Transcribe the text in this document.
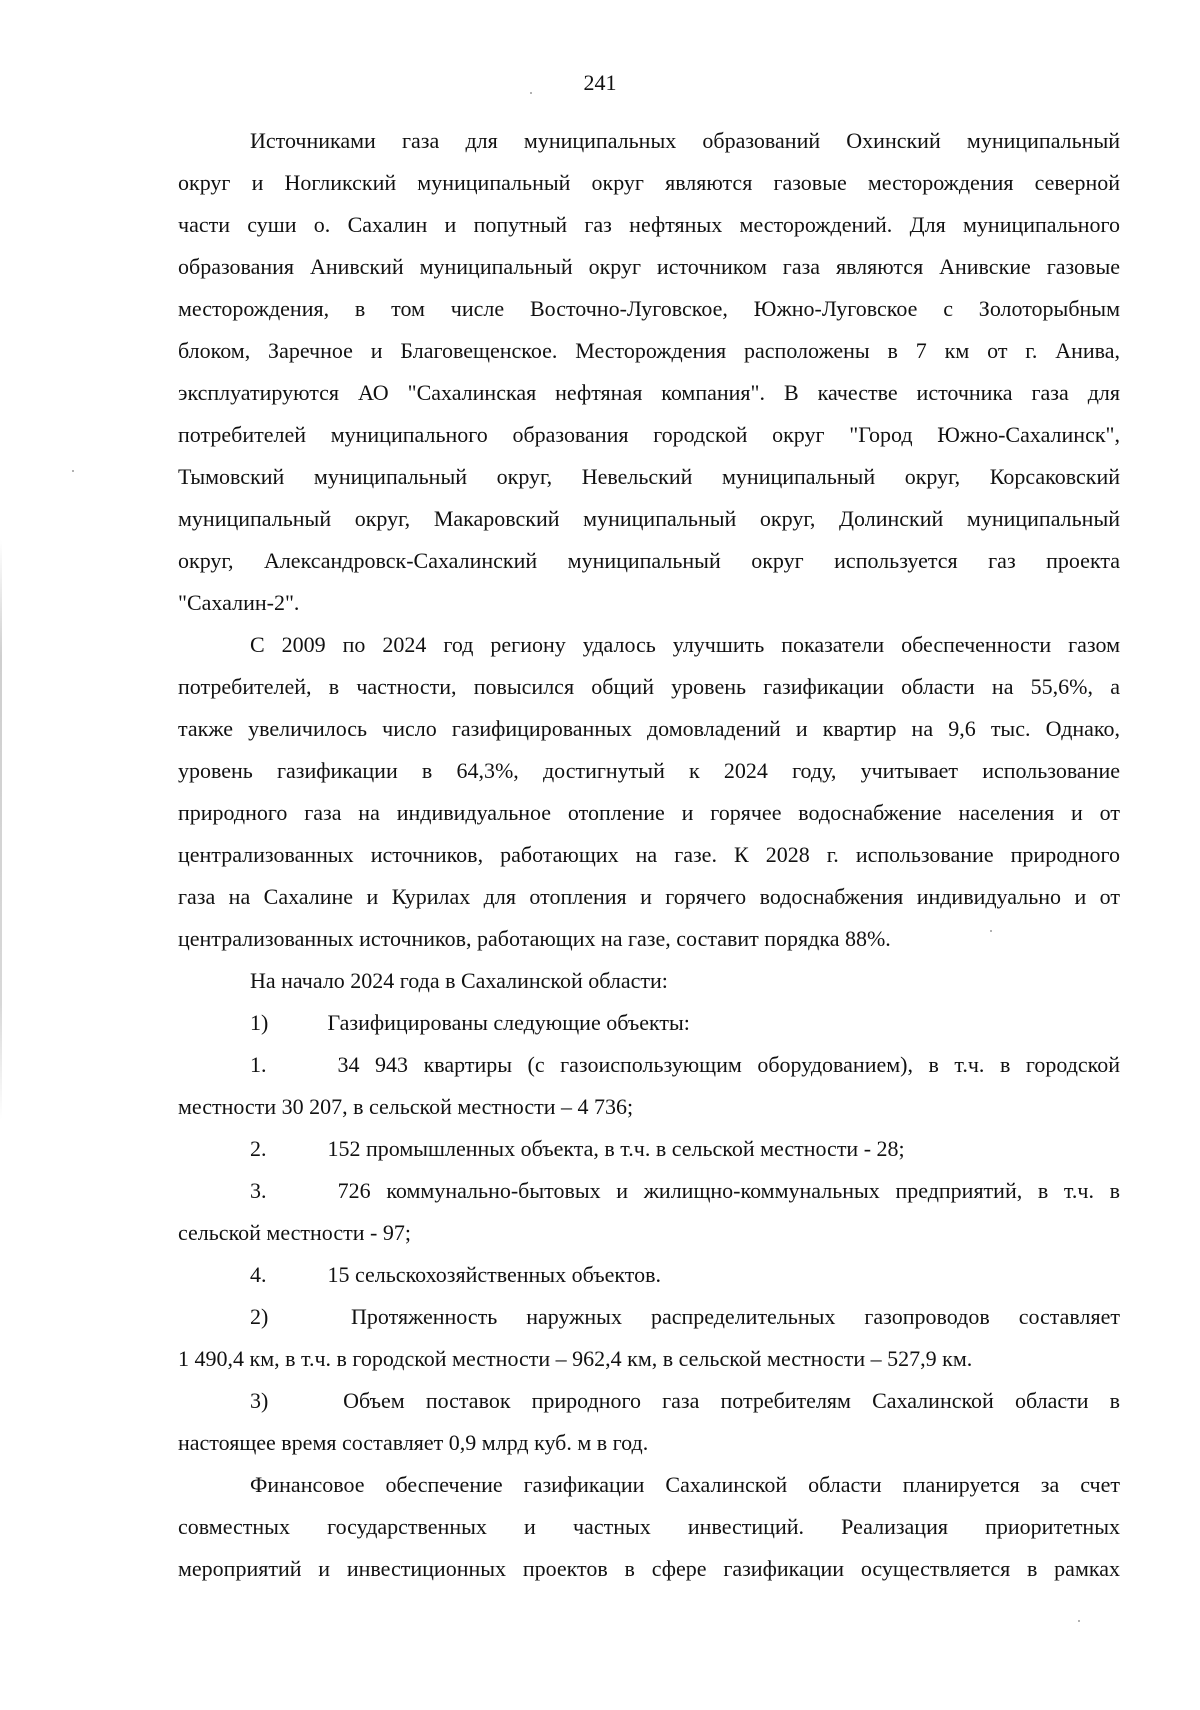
241
Источниками газа для муниципальных образований Охинский муниципальный
округ и Ногликский муниципальный округ являются газовые месторождения северной
части суши о. Сахалин и попутный газ нефтяных месторождений. Для муниципального
образования Анивский муниципальный округ источником газа являются Анивские газовые
месторождения, в том числе Восточно-Луговское, Южно-Луговское с Золоторыбным
блоком, Заречное и Благовещенское. Месторождения расположены в 7 км от г. Анива,
эксплуатируются АО "Сахалинская нефтяная компания". В качестве источника газа для
потребителей муниципального образования городской округ "Город Южно-Сахалинск",
Тымовский муниципальный округ, Невельский муниципальный округ, Корсаковский
муниципальный округ, Макаровский муниципальный округ, Долинский муниципальный
округ, Александровск-Сахалинский муниципальный округ используется газ проекта
"Сахалин-2".
С 2009 по 2024 год региону удалось улучшить показатели обеспеченности газом
потребителей, в частности, повысился общий уровень газификации области на 55,6%, а
также увеличилось число газифицированных домовладений и квартир на 9,6 тыс. Однако,
уровень газификации в 64,3%, достигнутый к 2024 году, учитывает использование
природного газа на индивидуальное отопление и горячее водоснабжение населения и от
централизованных источников, работающих на газе. К 2028 г. использование природного
газа на Сахалине и Курилах для отопления и горячего водоснабжения индивидуально и от
централизованных источников, работающих на газе, составит порядка 88%.
На начало 2024 года в Сахалинской области:
1)	Газифицированы следующие объекты:
1.	34 943 квартиры (с газоиспользующим оборудованием), в т.ч. в городской
местности 30 207, в сельской местности – 4 736;
2.	152 промышленных объекта, в т.ч. в сельской местности - 28;
3.	726 коммунально-бытовых и жилищно-коммунальных предприятий, в т.ч. в
сельской местности - 97;
4.	15 сельскохозяйственных объектов.
2)	Протяженность наружных распределительных газопроводов составляет
1 490,4 км, в т.ч. в городской местности – 962,4 км, в сельской местности – 527,9 км.
3)	Объем поставок природного газа потребителям Сахалинской области в
настоящее время составляет 0,9 млрд куб. м в год.
Финансовое обеспечение газификации Сахалинской области планируется за счет
совместных государственных и частных инвестиций. Реализация приоритетных
мероприятий и инвестиционных проектов в сфере газификации осуществляется в рамках
